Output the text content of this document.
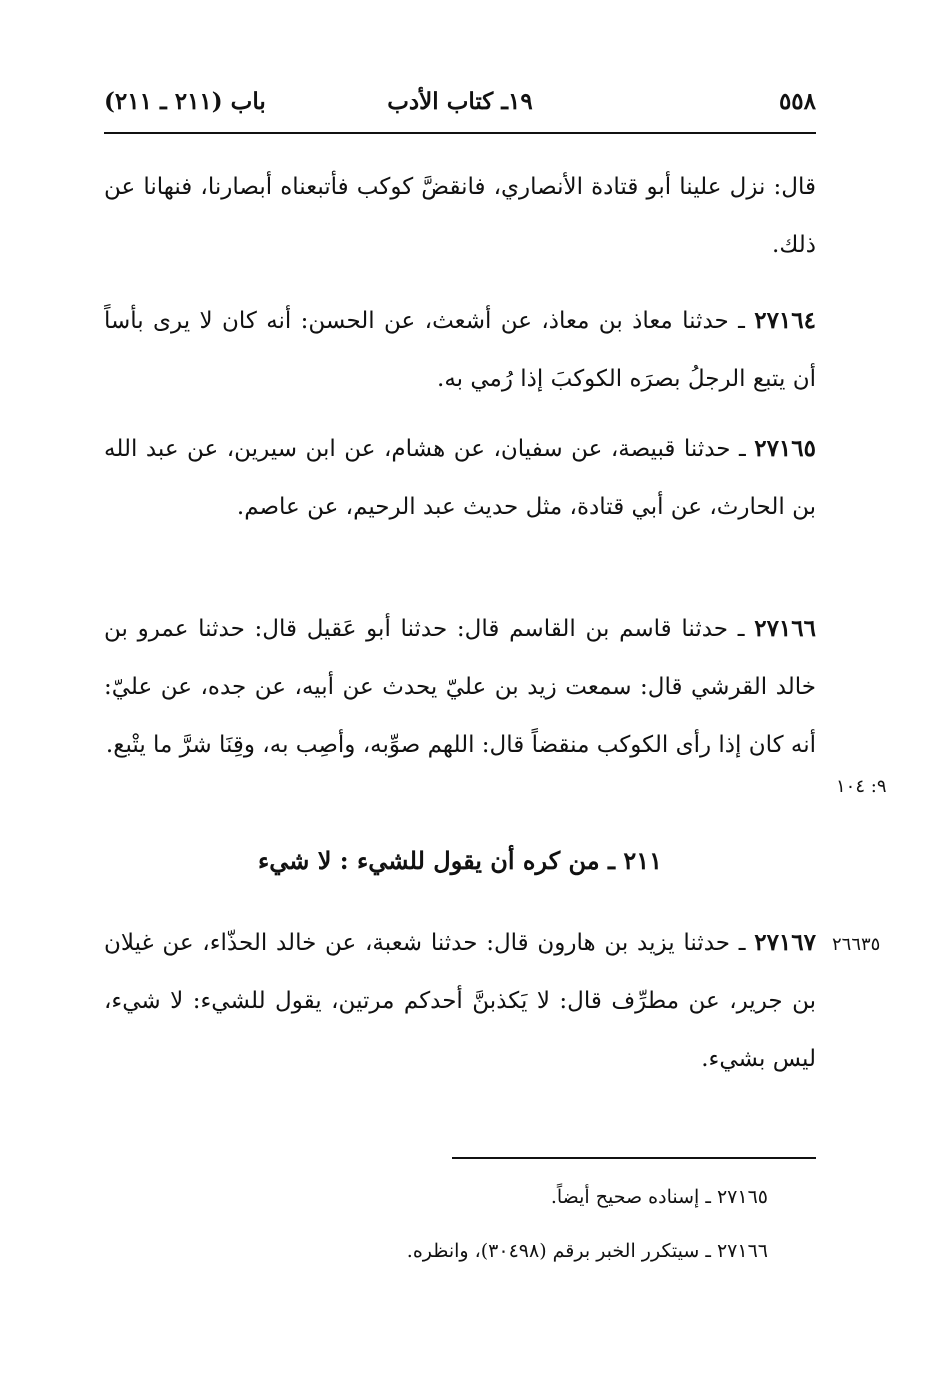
٥٥٨
١٩ـ كتاب الأدب
باب (٢١١ ـ ٢١١)
قال: نزل علينا أبو قتادة الأنصاري، فانقضَّ كوكب فأتبعناه أبصارنا، فنهانا عن ذلك.
٢٧١٦٤ ـ حدثنا معاذ بن معاذ، عن أشعث، عن الحسن: أنه كان لا يرى بأساً أن يتبع الرجلُ بصرَه الكوكبَ إذا رُمي به.
٢٧١٦٥ ـ حدثنا قبيصة، عن سفيان، عن هشام، عن ابن سيرين، عن عبد الله بن الحارث، عن أبي قتادة، مثل حديث عبد الرحيم، عن عاصم.
٢٧١٦٦ ـ حدثنا قاسم بن القاسم قال: حدثنا أبو عَقيل قال: حدثنا عمرو بن خالد القرشي قال: سمعت زيد بن عليّ يحدث عن أبيه، عن جده، عن عليّ: أنه كان إذا رأى الكوكب منقضاً قال: اللهم صوِّبه، وأصِب به، وقِنَا شرَّ ما يتْبع.
٩: ١٠٤
٢١١ ـ من كره أن يقول للشيء : لا شيء
٢٧١٦٧ ـ حدثنا يزيد بن هارون قال: حدثنا شعبة، عن خالد الحذّاء، عن غيلان بن جرير، عن مطرِّف قال: لا يَكذبنَّ أحدكم مرتين، يقول للشيء: لا شيء، ليس بشيء.
٢٦٦٣٥
٢٧١٦٥ ـ إسناده صحيح أيضاً.
٢٧١٦٦ ـ سيتكرر الخبر برقم (٣٠٤٩٨)، وانظره.
